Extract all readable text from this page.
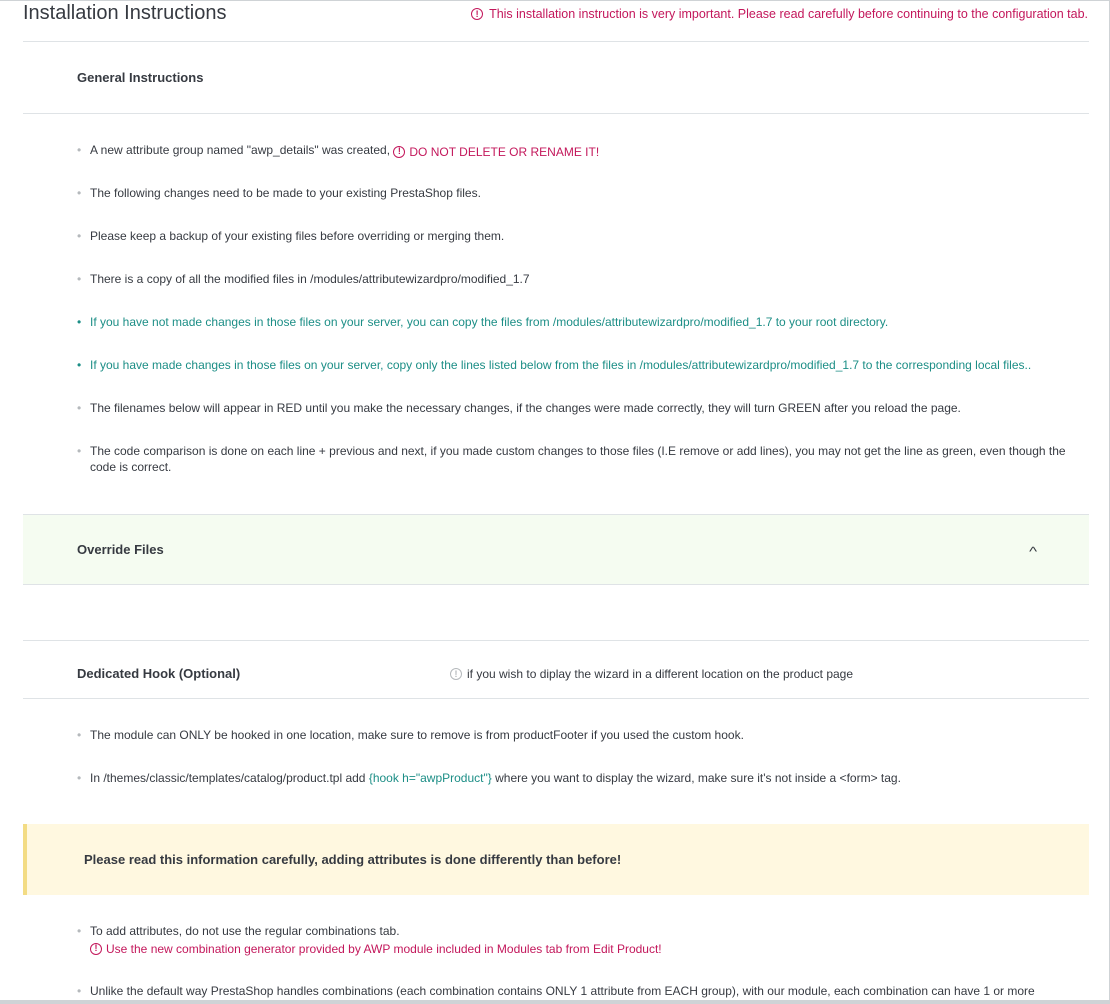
Installation Instructions	! This installation instruction is very important. Please read carefully before continuing to the configuration tab.
General Instructions
• A new attribute group named "awp_details" was created, ! DO NOT DELETE OR RENAME IT!
• The following changes need to be made to your existing PrestaShop files.
• Please keep a backup of your existing files before overriding or merging them.
• There is a copy of all the modified files in /modules/attributewizardpro/modified_1.7
• If you have not made changes in those files on your server, you can copy the files from /modules/attributewizardpro/modified_1.7 to your root directory.
• If you have made changes in those files on your server, copy only the lines listed below from the files in /modules/attributewizardpro/modified_1.7 to the corresponding local files..
• The filenames below will appear in RED until you make the necessary changes, if the changes were made correctly, they will turn GREEN after you reload the page.
• The code comparison is done on each line + previous and next, if you made custom changes to those files (I.E remove or add lines), you may not get the line as green, even though the code is correct.
Override Files	^
Dedicated Hook (Optional)	! if you wish to diplay the wizard in a different location on the product page
• The module can ONLY be hooked in one location, make sure to remove is from productFooter if you used the custom hook.
• In /themes/classic/templates/catalog/product.tpl add {hook h="awpProduct"} where you want to display the wizard, make sure it's not inside a <form> tag.
Please read this information carefully, adding attributes is done differently than before!
• To add attributes, do not use the regular combinations tab.

! Use the new combination generator provided by AWP module included in Modules tab from Edit Product!
• Unlike the default way PrestaShop handles combinations (each combination contains ONLY 1 attribute from EACH group), with our module, each combination can have 1 or more
